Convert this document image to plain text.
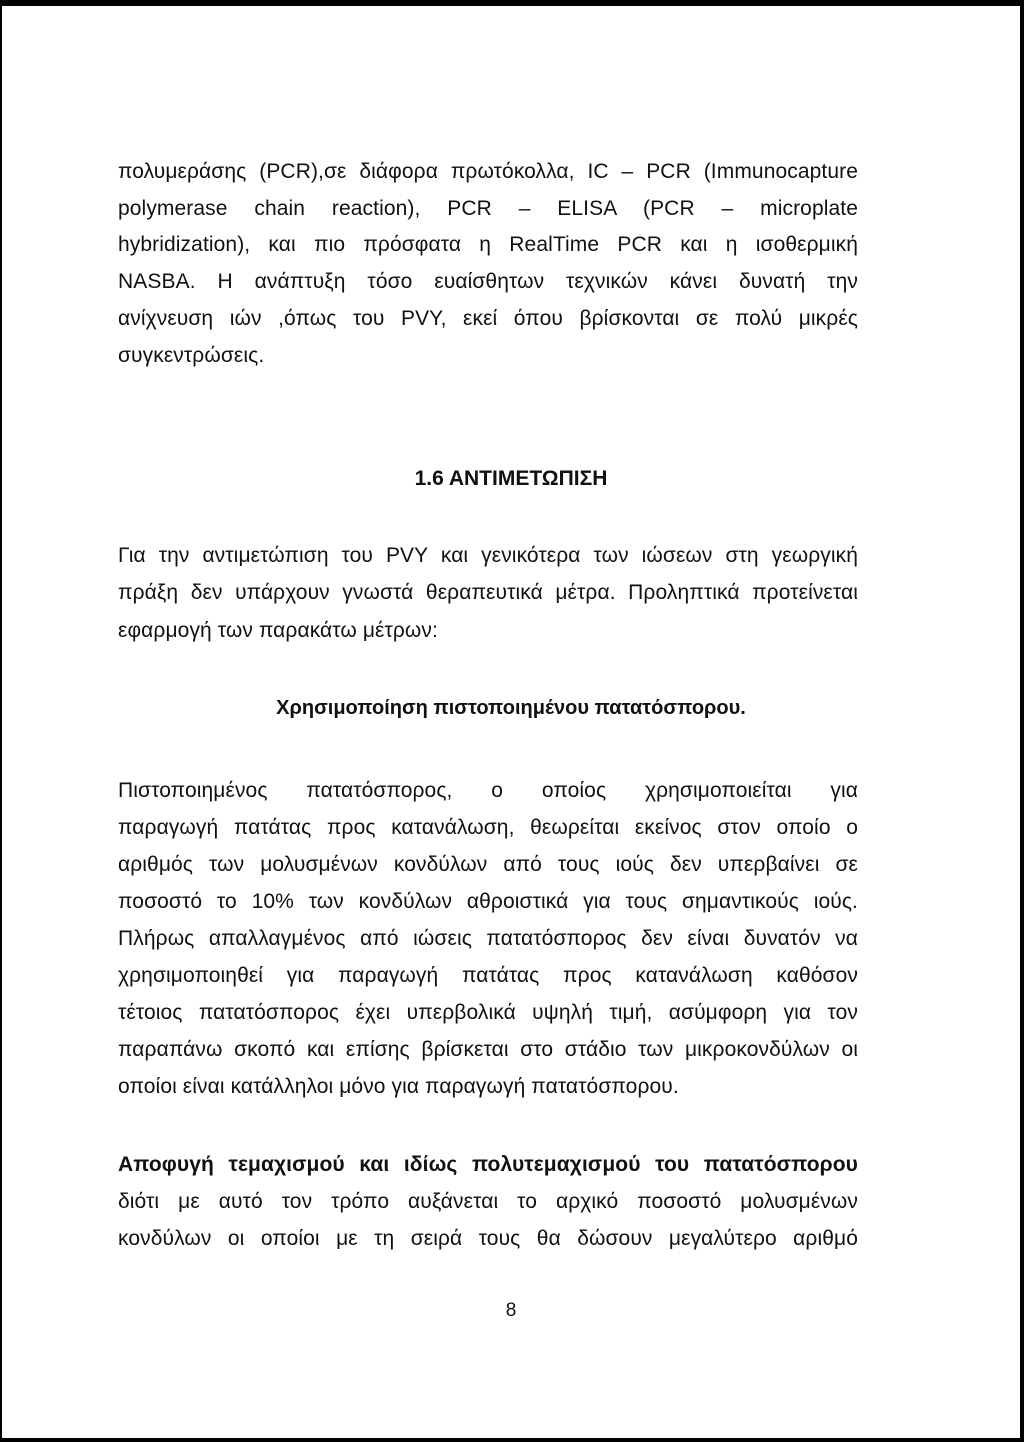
πολυμεράσης (PCR),σε διάφορα πρωτόκολλα, IC – PCR (Immunocapture
polymerase chain reaction), PCR – ELISA (PCR – microplate
hybridization), και πιο πρόσφατα η RealTime PCR και η ισοθερμική
NASBA. Η ανάπτυξη τόσο ευαίσθητων τεχνικών κάνει δυνατή την
ανίχνευση ιών ,όπως του PVY, εκεί όπου βρίσκονται σε πολύ μικρές
συγκεντρώσεις.
1.6 ΑΝΤΙΜΕΤΩΠΙΣΗ
Για την αντιμετώπιση του PVY και γενικότερα των ιώσεων στη γεωργική
πράξη δεν υπάρχουν γνωστά θεραπευτικά μέτρα. Προληπτικά προτείνεται
εφαρμογή των παρακάτω μέτρων:
Χρησιμοποίηση πιστοποιημένου πατατόσπορου.
Πιστοποιημένος πατατόσπορος, ο οποίος χρησιμοποιείται για
παραγωγή πατάτας προς κατανάλωση, θεωρείται εκείνος στον οποίο ο
αριθμός των μολυσμένων κονδύλων από τους ιούς δεν υπερβαίνει σε
ποσοστό το 10% των κονδύλων αθροιστικά για τους σημαντικούς ιούς.
Πλήρως απαλλαγμένος από ιώσεις πατατόσπορος δεν είναι δυνατόν να
χρησιμοποιηθεί για παραγωγή πατάτας προς κατανάλωση καθόσον
τέτοιος πατατόσπορος έχει υπερβολικά υψηλή τιμή, ασύμφορη για τον
παραπάνω σκοπό και επίσης βρίσκεται στο στάδιο των μικροκονδύλων οι
οποίοι είναι κατάλληλοι μόνο για παραγωγή πατατόσπορου.
Αποφυγή τεμαχισμού και ιδίως πολυτεμαχισμού του πατατόσπορου
διότι με αυτό τον τρόπο αυξάνεται το αρχικό ποσοστό μολυσμένων
κονδύλων οι οποίοι με τη σειρά τους θα δώσουν μεγαλύτερο αριθμό
8
